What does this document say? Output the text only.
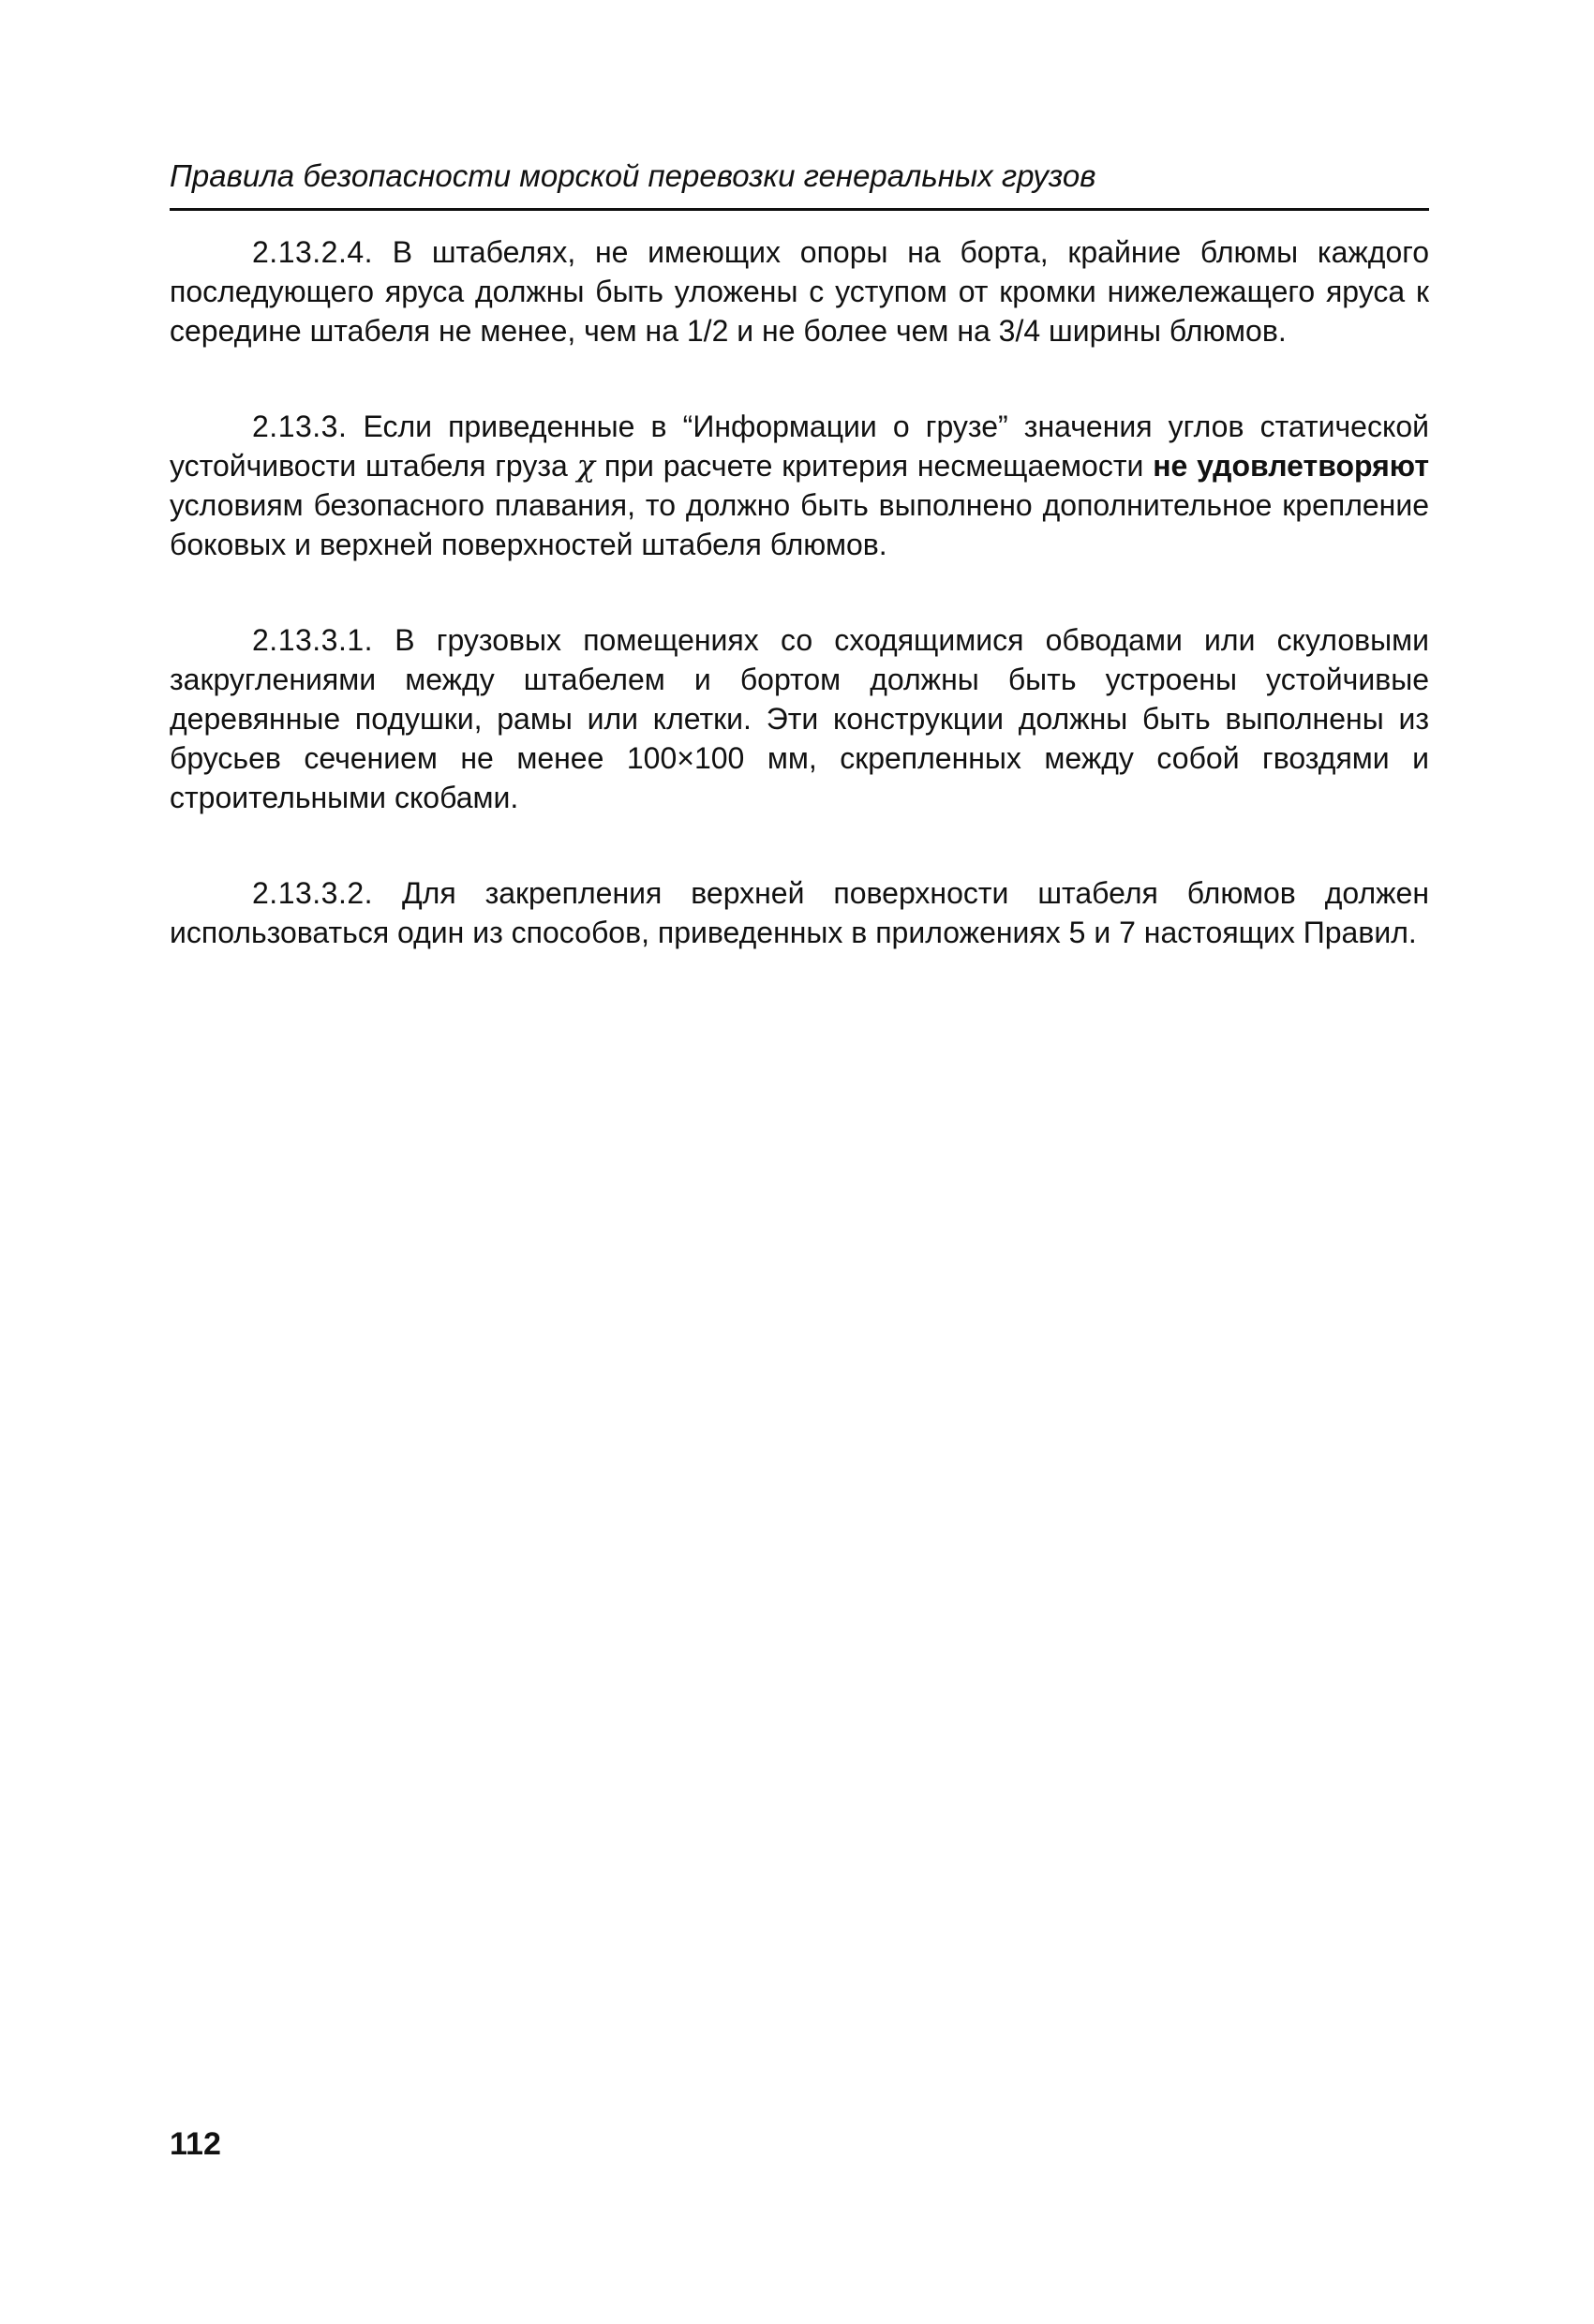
Правила безопасности морской перевозки генеральных грузов

2.13.2.4. В штабелях, не имеющих опоры на борта, крайние блюмы каждого последующего яруса должны быть уложены с уступом от кромки нижележащего яруса к середине штабеля не менее, чем на 1/2 и не более чем на 3/4 ширины блюмов.

2.13.3. Если приведенные в “Информации о грузе” значения углов статической устойчивости штабеля груза χ при расчете критерия несмещаемости не удовлетворяют условиям безопасного плавания, то должно быть выполнено дополнительное крепление боковых и верхней поверхностей штабеля блюмов.

2.13.3.1. В грузовых помещениях со сходящимися обводами или скуловыми закруглениями между штабелем и бортом должны быть устроены устойчивые деревянные подушки, рамы или клетки. Эти конструкции должны быть выполнены из брусьев сечением не менее 100×100 мм, скрепленных между собой гвоздями и строительными скобами.

2.13.3.2. Для закрепления верхней поверхности штабеля блюмов должен использоваться один из способов, приведенных в приложениях 5 и 7 настоящих Правил.

112
